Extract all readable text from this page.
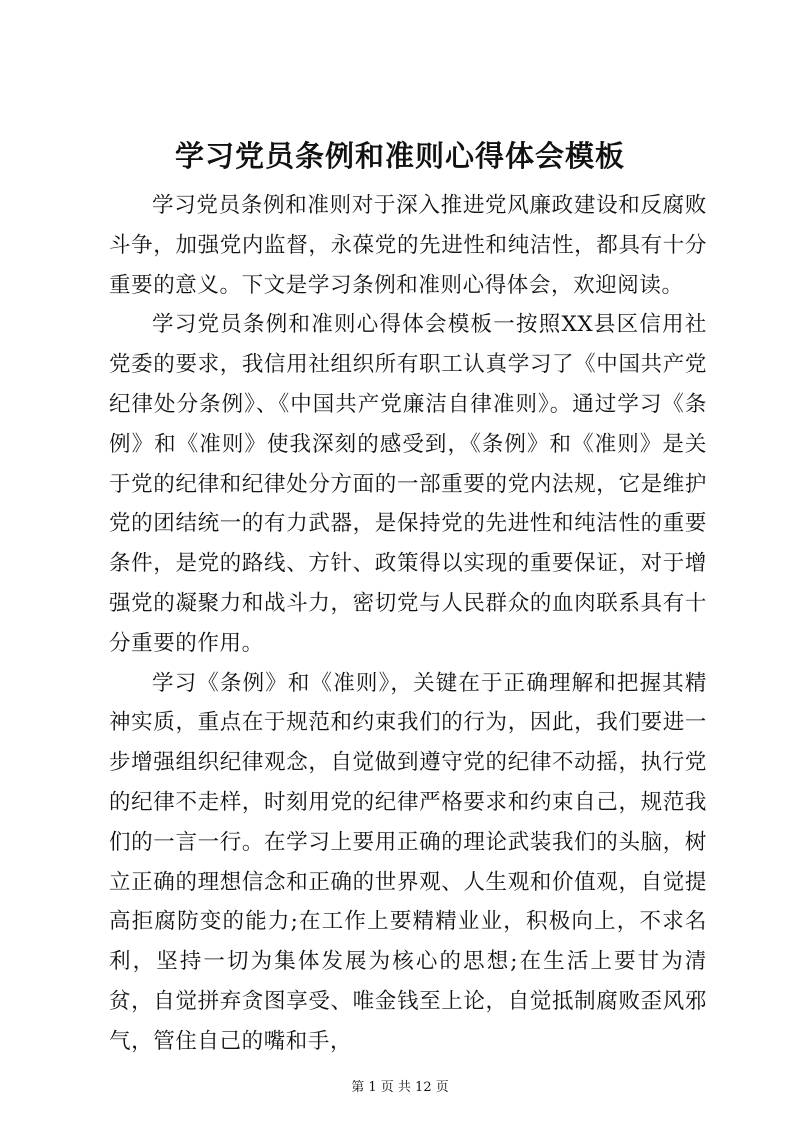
学习党员条例和准则心得体会模板

学习党员条例和准则对于深入推进党风廉政建设和反腐败斗争，加强党内监督，永葆党的先进性和纯洁性，都具有十分重要的意义。下文是学习条例和准则心得体会，欢迎阅读。

学习党员条例和准则心得体会模板一按照XX县区信用社党委的要求，我信用社组织所有职工认真学习了《中国共产党纪律处分条例》、《中国共产党廉洁自律准则》。通过学习《条例》和《准则》使我深刻的感受到，《条例》和《准则》是关于党的纪律和纪律处分方面的一部重要的党内法规，它是维护党的团结统一的有力武器，是保持党的先进性和纯洁性的重要条件，是党的路线、方针、政策得以实现的重要保证，对于增强党的凝聚力和战斗力，密切党与人民群众的血肉联系具有十分重要的作用。

学习《条例》和《准则》，关键在于正确理解和把握其精神实质，重点在于规范和约束我们的行为，因此，我们要进一步增强组织纪律观念，自觉做到遵守党的纪律不动摇，执行党的纪律不走样，时刻用党的纪律严格要求和约束自己，规范我们的一言一行。在学习上要用正确的理论武装我们的头脑，树立正确的理想信念和正确的世界观、人生观和价值观，自觉提高拒腐防变的能力;在工作上要精精业业，积极向上，不求名利，坚持一切为集体发展为核心的思想;在生活上要甘为清贫，自觉拼弃贪图享受、唯金钱至上论，自觉抵制腐败歪风邪气，管住自己的嘴和手，

第 1 页 共 12 页
